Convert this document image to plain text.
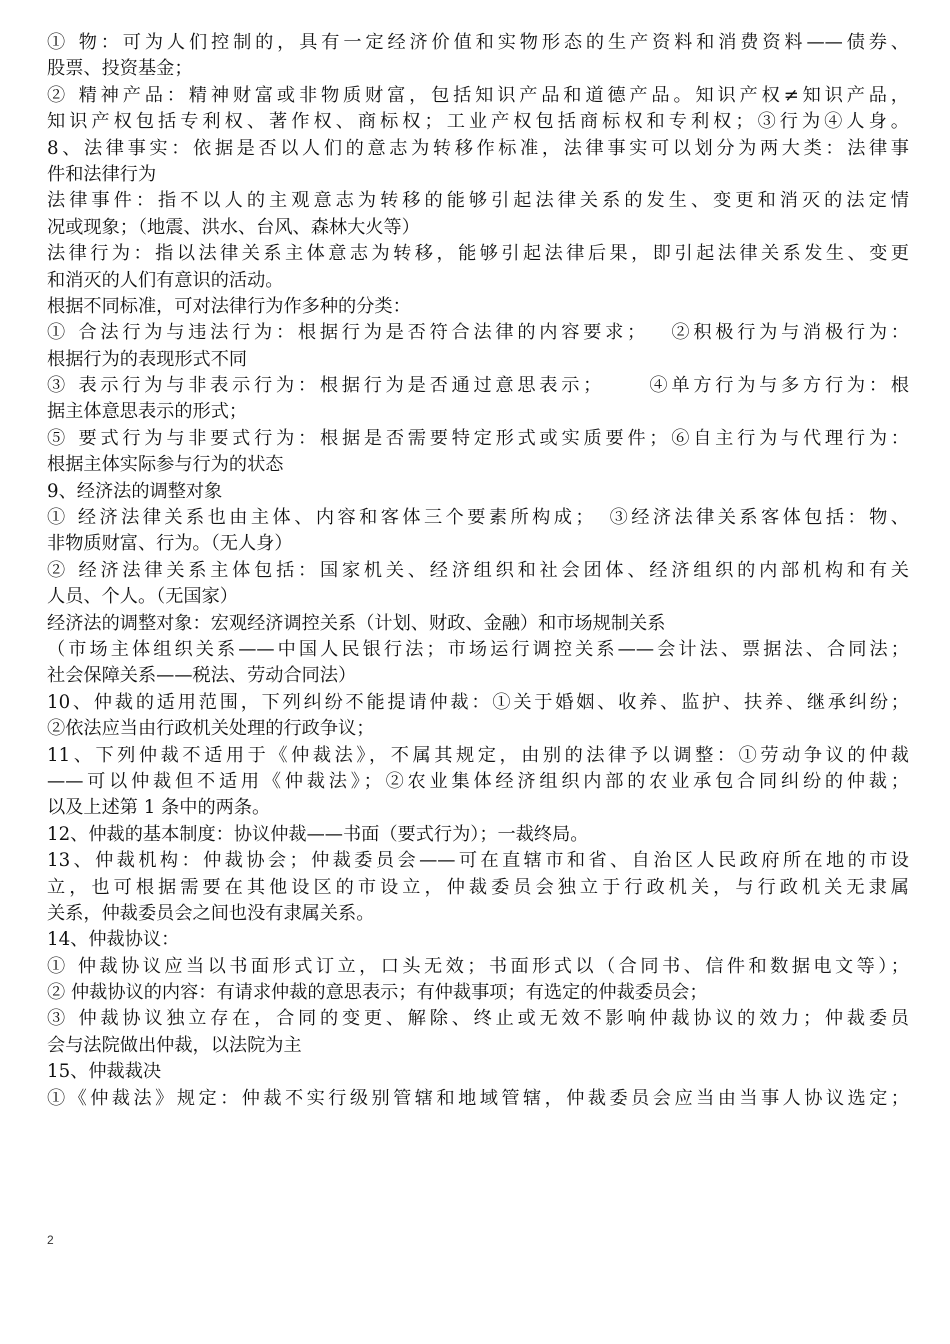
① 物：可为人们控制的，具有一定经济价值和实物形态的生产资料和消费资料——债券、
股票、投资基金；
② 精神产品：精神财富或非物质财富，包括知识产品和道德产品。知识产权≠知识产品，
知识产权包括专利权、著作权、商标权；工业产权包括商标权和专利权；③行为④人身。
8、法律事实：依据是否以人们的意志为转移作标准，法律事实可以划分为两大类：法律事
件和法律行为
法律事件：指不以人的主观意志为转移的能够引起法律关系的发生、变更和消灭的法定情
况或现象；（地震、洪水、台风、森林大火等）
法律行为：指以法律关系主体意志为转移，能够引起法律后果，即引起法律关系发生、变更
和消灭的人们有意识的活动。
根据不同标准，可对法律行为作多种的分类：
① 合法行为与违法行为：根据行为是否符合法律的内容要求；　 ②积极行为与消极行为：
根据行为的表现形式不同
③ 表示行为与非表示行为：根据行为是否通过意思表示；　　 ④单方行为与多方行为：根
据主体意思表示的形式；
⑤ 要式行为与非要式行为：根据是否需要特定形式或实质要件；⑥自主行为与代理行为：
根据主体实际参与行为的状态
9、经济法的调整对象
① 经济法律关系也由主体、内容和客体三个要素所构成；　③经济法律关系客体包括：物、
非物质财富、行为。（无人身）
② 经济法律关系主体包括：国家机关、经济组织和社会团体、经济组织的内部机构和有关
人员、个人。（无国家）
经济法的调整对象：宏观经济调控关系（计划、财政、金融）和市场规制关系
（市场主体组织关系——中国人民银行法；市场运行调控关系——会计法、票据法、合同法；
社会保障关系——税法、劳动合同法）
10、仲裁的适用范围，下列纠纷不能提请仲裁：①关于婚姻、收养、监护、扶养、继承纠纷；
②依法应当由行政机关处理的行政争议；
11、下列仲裁不适用于《仲裁法》，不属其规定，由别的法律予以调整：①劳动争议的仲裁
——可以仲裁但不适用《仲裁法》；②农业集体经济组织内部的农业承包合同纠纷的仲裁；
以及上述第 1 条中的两条。
12、仲裁的基本制度：协议仲裁——书面（要式行为）；一裁终局。
13、仲裁机构：仲裁协会；仲裁委员会——可在直辖市和省、自治区人民政府所在地的市设
立，也可根据需要在其他设区的市设立，仲裁委员会独立于行政机关，与行政机关无隶属
关系，仲裁委员会之间也没有隶属关系。
14、仲裁协议：
① 仲裁协议应当以书面形式订立，口头无效；书面形式以（合同书、信件和数据电文等）；
② 仲裁协议的内容：有请求仲裁的意思表示；有仲裁事项；有选定的仲裁委员会；
③ 仲裁协议独立存在，合同的变更、解除、终止或无效不影响仲裁协议的效力；仲裁委员
会与法院做出仲裁，以法院为主
15、仲裁裁决
①《仲裁法》规定：仲裁不实行级别管辖和地域管辖，仲裁委员会应当由当事人协议选定；
2
